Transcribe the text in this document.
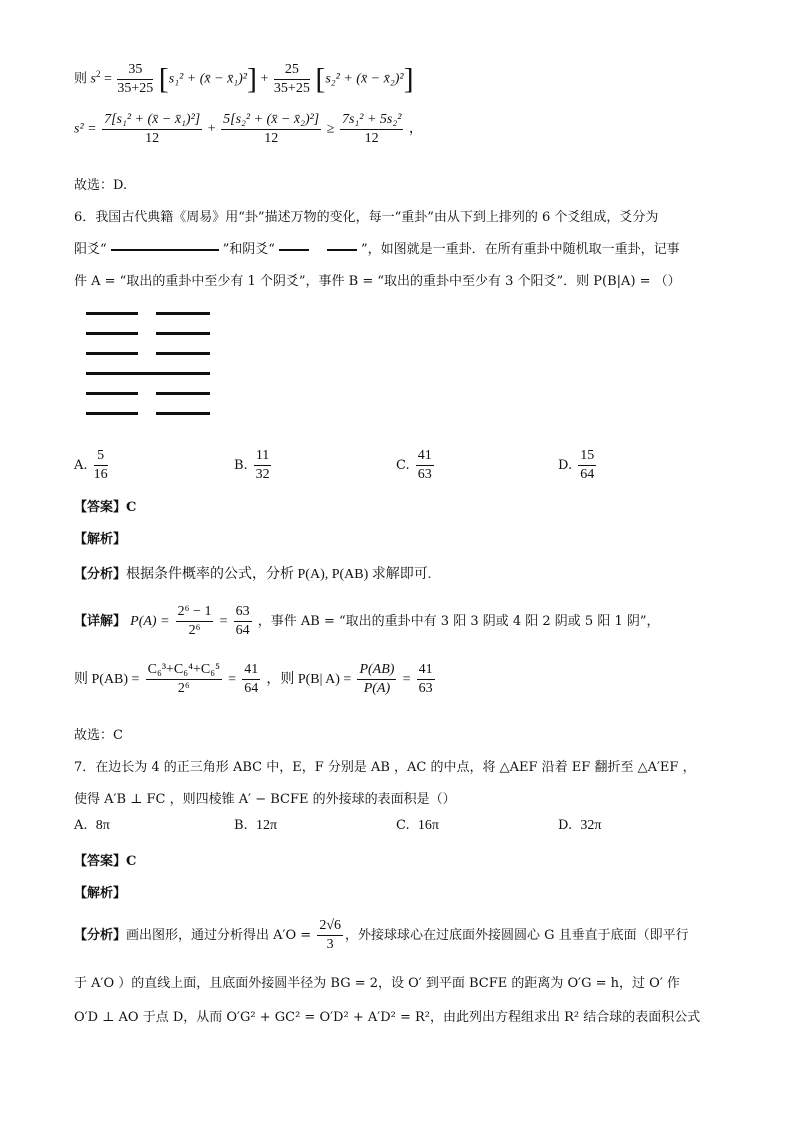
则 $s^2 = \frac{35}{35+25} [s_1^2$ + (x̄ − x̄₁)²] + $\frac{25}{35+25} [s_2^2$ + (x̄ − x̄₂)²]
$s^2 = \frac{\text{7[s₁² + (x̄ − x̄₁)²]}}{12} + \frac{\text{5[s₂² + (x̄ − x̄₂)²]}}{12} \ge \frac{\text{7s₁² + 5s₂²}}{12}$ ，
故选：D.
6．我国古代典籍《周易》用“卦”描述万物的变化，每一“重卦”由从下到上排列的 6 个爻组成，爻分为
阳爻“	”和阴爻“	”，如图就是一重卦．在所有重卦中随机取一重卦，记事
件 A = “取出的重卦中至少有 1 个阴爻”，事件 B = “取出的重卦中至少有 3 个阳爻”．则 P(B|A) = （）
【答案】C
【解析】
【分析】根据条件概率的公式，分析 P(A), P(AB) 求解即可.
【详解】 $P(A) = \frac{\text{2⁶ − 1}}{\text{2⁶}} = \frac{63}{64}$ ，事件 AB = “取出的重卦中有 3 阳 3 阴或 4 阳 2 阴或 5 阳 1 阴”，
则 $P(AB) = \frac{\text{C₆³+C₆⁴+C₆⁵}}{\text{2⁶}} = \frac{41}{64}$ ，则 P(B| $A) = \frac{P(AB)}{P(A)} = \frac{41}{63}$
故选：C
7．在边长为 4 的正三角形 ABC 中，E，F 分别是 AB ，AC 的中点，将 △AEF 沿着 EF 翻折至 △A′EF ，
使得 A′B ⊥ FC ，则四棱锥 A′ − BCFE 的外接球的表面积是（）
【答案】C
【解析】
【分析】画出图形，通过分析得出 $A'O = \frac{2√6}{3}$ ，外接球球心在过底面外接圆圆心 G 且垂直于底面（即平行
于 A′O ）的直线上面，且底面外接圆半径为 BG = 2，设 O′ 到平面 BCFE 的距离为 O′G = h，过 O′ 作
O′D ⊥ AO 于点 D，从而 O′G² + GC² = O′D² + A′D² = R²，由此列出方程组求出 R² 结合球的表面积公式
A. $\frac{5}{16}$	B. $\frac{11}{32}$	C. $\frac{41}{63}$	D. $\frac{15}{64}$
A. 8π	B. 12π	C. 16π	D. 32π
